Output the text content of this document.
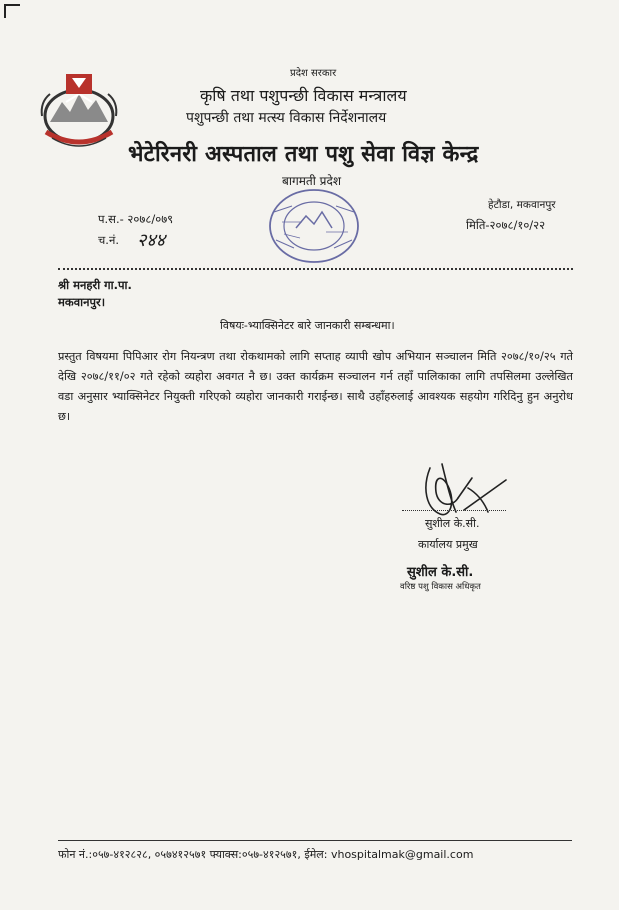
प्रदेश सरकार
कृषि तथा पशुपन्छी विकास मन्त्रालय
पशुपन्छी तथा मत्स्य विकास निर्देशनालय
भेटेरिनरी अस्पताल तथा पशु सेवा विज्ञ केन्द्र
बागमती प्रदेश
हेटौडा, मकवानपुर
मिति-२०७८/१०/२२
प.स.- २०७८/०७९
च.नं. २४४
श्री मनहरी गा.पा.
मकवानपुर।
विषयः-भ्याक्सिनेटर बारे जानकारी सम्बन्धमा।
प्रस्तुत विषयमा पिपिआर रोग नियन्त्रण तथा रोकथामको लागि सप्ताह व्यापी खोप अभियान सञ्चालन मिति २०७८/१०/२५ गते देखि २०७८/११/०२ गते रहेको व्यहोरा अवगत नै छ। उक्त कार्यक्रम सञ्चालन गर्न तहाँ पालिकाका लागि तपसिलमा उल्लेखित वडा अनुसार भ्याक्सिनेटर नियुक्ती गरिएको व्यहोरा जानकारी गराईन्छ। साथै उहाँहरुलाई आवश्यक सहयोग गरिदिनु हुन अनुरोध छ।
सुशील के.सी.
कार्यालय प्रमुख
सुशील के.सी.
वरिष्ठ पशु विकास अधिकृत
फोन नं.:०५७-४१२८२८, ०५७४१२५७१ फ्याक्स:०५७-४१२५७१, ईमेल: vhospitalmak@gmail.com
